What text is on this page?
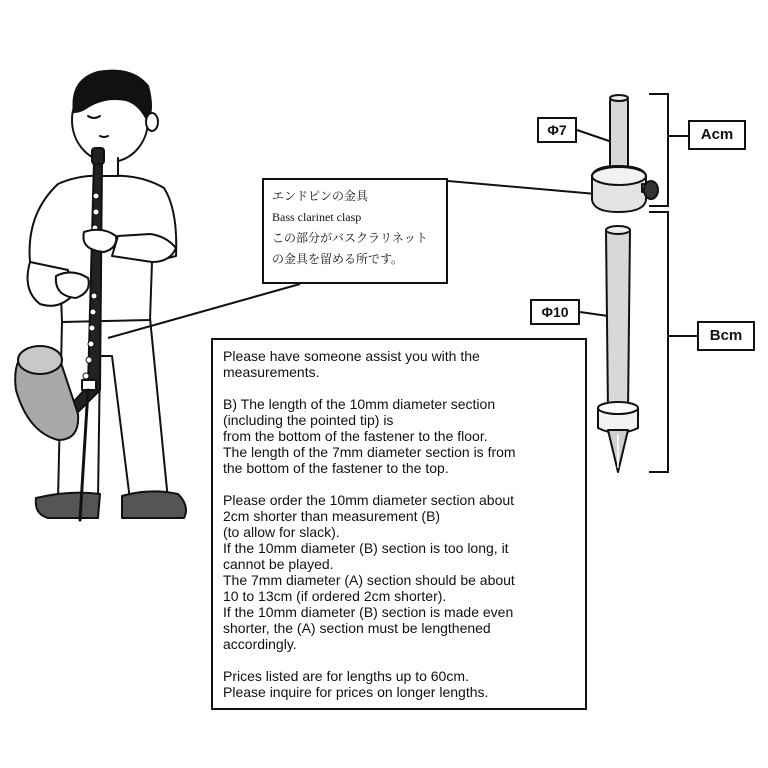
エンドピンの金具
Bass clarinet clasp
この部分がバスクラリネット
の金具を留める所です。
Φ7	Acm
Φ10
Bcm

Please have someone assist you with the

measurements.

B) The length of the 10mm diameter section

(including the pointed tip) is

from the bottom of the fastener to the floor.

The length of the 7mm diameter section is from

the bottom of the fastener to the top.

Please order the 10mm diameter section about

2cm shorter than measurement (B)

(to allow for slack).

If the 10mm diameter (B) section is too long, it

cannot be played.

The 7mm diameter (A) section should be about

10 to 13cm (if ordered 2cm shorter).

If the 10mm diameter (B) section is made even

shorter, the (A) section must be lengthened

accordingly.

Prices listed are for lengths up to 60cm.

Please inquire for prices on longer lengths.
